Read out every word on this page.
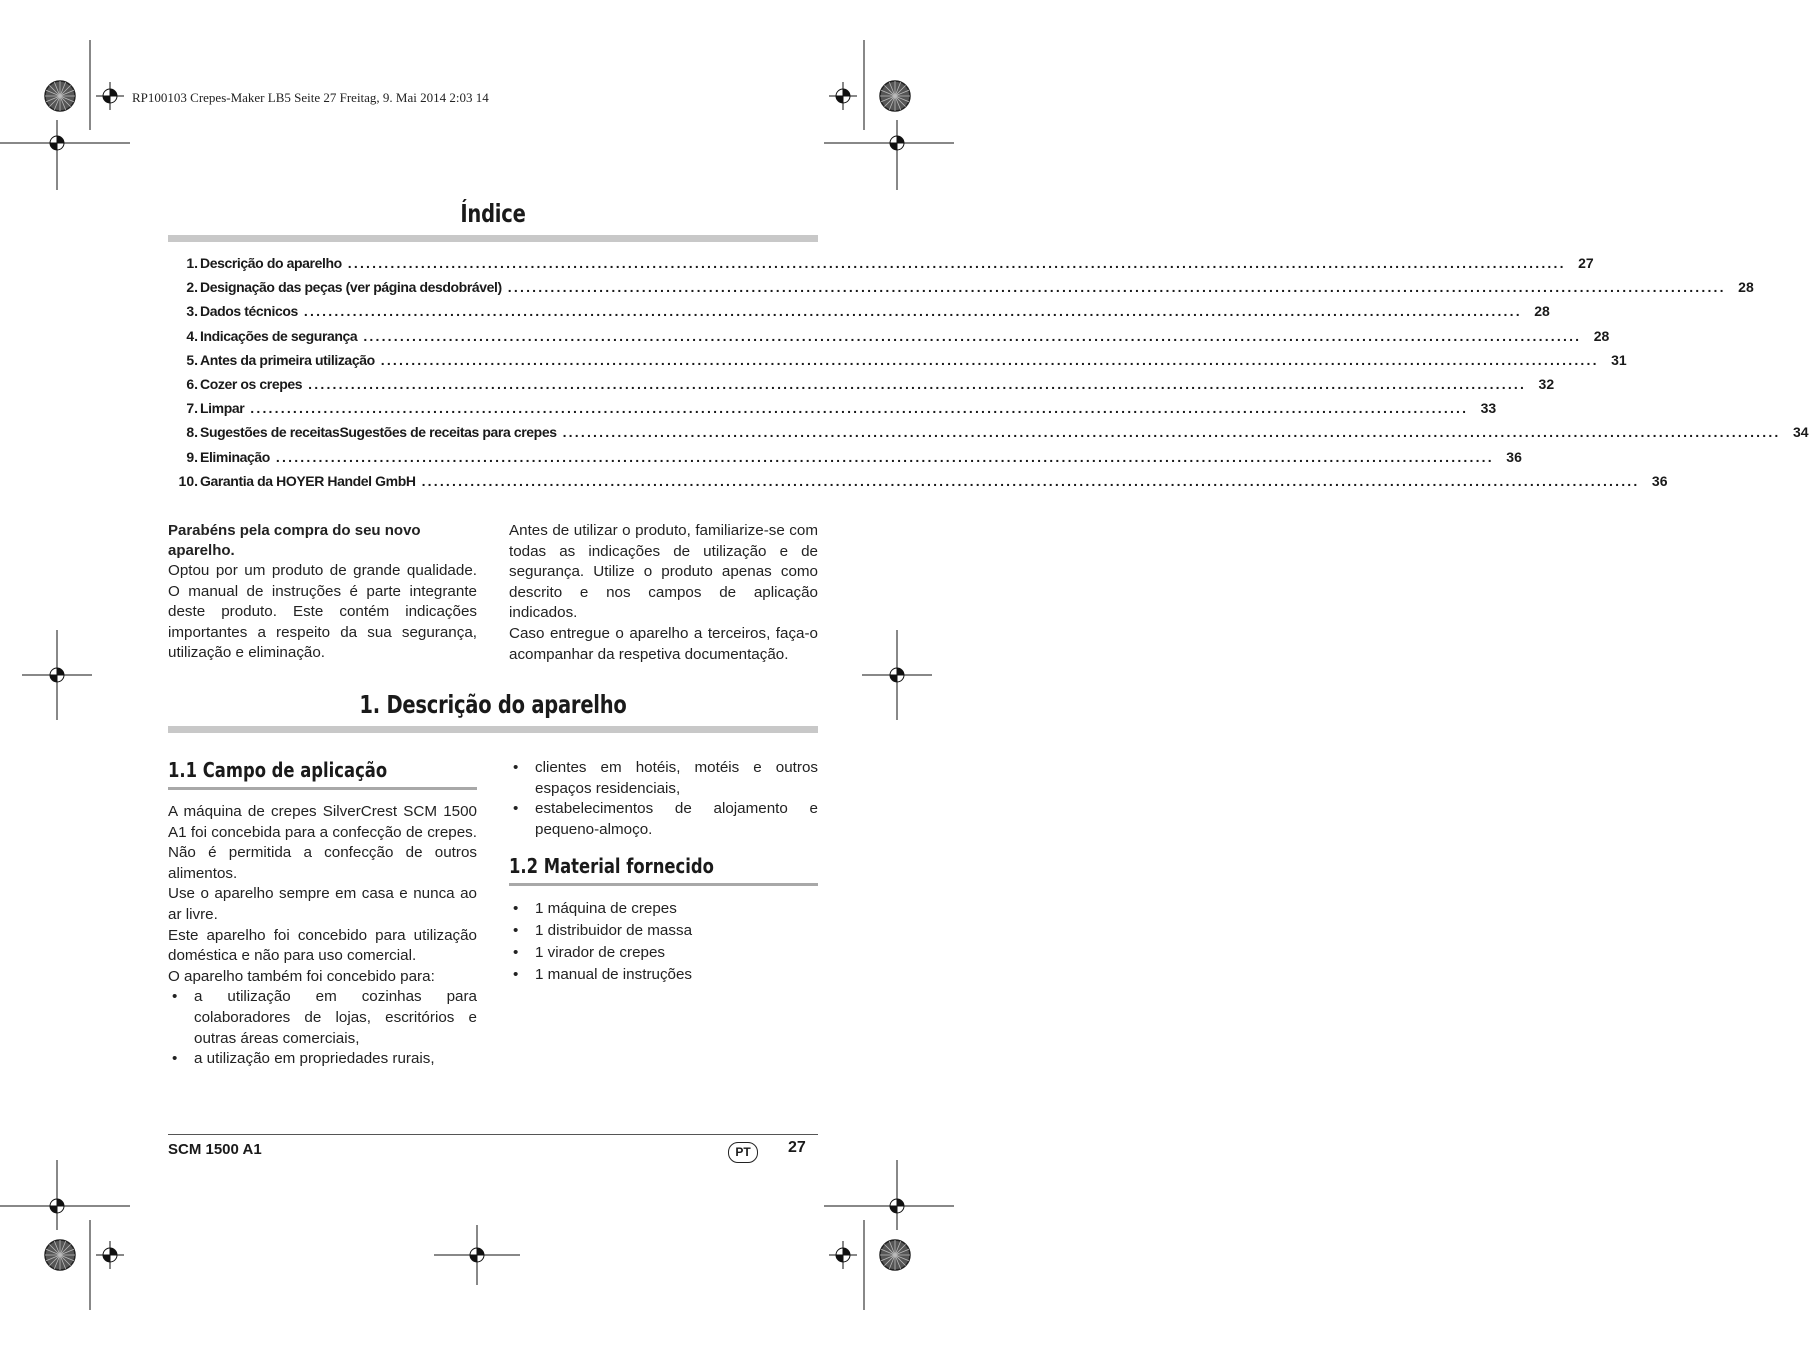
RP100103 Crepes-Maker LB5 Seite 27 Freitag, 9. Mai 2014 2:03 14
Índice
1. Descrição do aparelho ........................................................................................................................................................................................................ 27
2. Designação das peças (ver página desdobrável) ........................................................................................................................................................................................................ 28
3. Dados técnicos ........................................................................................................................................................................................................ 28
4. Indicações de segurança ........................................................................................................................................................................................................ 28
5. Antes da primeira utilização ........................................................................................................................................................................................................ 31
6. Cozer os crepes ........................................................................................................................................................................................................ 32
7. Limpar ........................................................................................................................................................................................................ 33
8. Sugestões de receitasSugestões de receitas para crepes ........................................................................................................................................................................................................ 34
9. Eliminação ........................................................................................................................................................................................................ 36
10. Garantia da HOYER Handel GmbH ........................................................................................................................................................................................................ 36

Parabéns pela compra do seu novo aparelho.

Optou por um produto de grande qualidade. O manual de instruções é parte integrante deste produto. Este contém indicações importantes a respeito da sua segurança, utilização e eliminação.

Antes de utilizar o produto, familiarize-se com todas as indicações de utilização e de segurança. Utilize o produto apenas como descrito e nos campos de aplicação indicados.

Caso entregue o aparelho a terceiros, faça-o acompanhar da respetiva documentação.

1. Descrição do aparelho
1.1 Campo de aplicação

A máquina de crepes SilverCrest SCM 1500 A1 foi concebida para a confecção de crepes. Não é permitida a confecção de outros alimentos.

Use o aparelho sempre em casa e nunca ao ar livre.

Este aparelho foi concebido para utilização doméstica e não para uso comercial.

O aparelho também foi concebido para:

• a utilização em cozinhas para colaboradores de lojas, escritórios e outras áreas comerciais,
• a utilização em propriedades rurais,
• clientes em hotéis, motéis e outros espaços residenciais,
• estabelecimentos de alojamento e pequeno-almoço.
1.2 Material fornecido
• 1 máquina de crepes
• 1 distribuidor de massa
• 1 virador de crepes
• 1 manual de instruções
SCM 1500 A1	PT	27
